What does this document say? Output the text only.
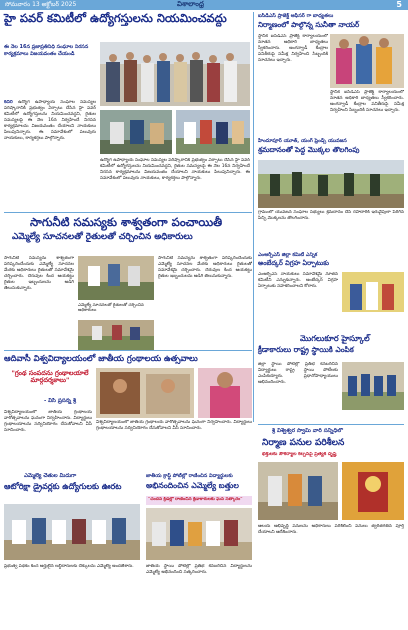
సోమవారం 13 అక్టోబర్ 2025	విశాలాంధ్ర	5
హై పవర్ కమిటీలో ఉద్యోగస్తులను నియమించవద్దు
ఈ నెల 16న ప్రజాప్రతినిధి సంఘాల నిరసన కార్యక్రమాలు విజయవంతం చేయండి
కదిరి ఉద్యోగ ఉపాధ్యాయ సంఘాల సమస్యల పరిష్కారానికి ప్రభుత్వం ఏర్పాటు చేసిన హై పవర్ కమిటీలో ఉద్యోగస్తులను నియమించవద్దని, రైతుల సమస్యలపై ఈ నెల 16న నిర్వహించే నిరసన కార్యక్రమాలను విజయవంతం చేయాలని నాయకులు పిలుపునిచ్చారు. ఈ సమావేశంలో పలువురు నాయకులు, కార్యకర్తలు పాల్గొన్నారు.
ఉద్యోగ ఉపాధ్యాయ సంఘాల సమస్యల పరిష్కారానికి ప్రభుత్వం ఏర్పాటు చేసిన హై పవర్ కమిటీలో ఉద్యోగస్తులను నియమించవద్దని, రైతుల సమస్యలపై ఈ నెల 16న నిర్వహించే నిరసన కార్యక్రమాలను విజయవంతం చేయాలని నాయకులు పిలుపునిచ్చారు. ఈ సమావేశంలో పలువురు నాయకులు, కార్యకర్తలు పాల్గొన్నారు.
ఐసిడిఎస్ ప్రాజెక్ట్ ఆఫీసర్ గా బాధ్యతలు
నిర్మాణంలో పాల్గొన్న సునీతా నాయర్
స్థానిక ఐసిడిఎస్ ప్రాజెక్ట్ కార్యాలయంలో నూతన అధికారి బాధ్యతలు స్వీకరించారు. అంగన్వాడీ కేంద్రాల పనితీరుపై సమీక్ష నిర్వహించి సిబ్బందికి సూచనలు ఇచ్చారు.
స్థానిక ఐసిడిఎస్ ప్రాజెక్ట్ కార్యాలయంలో నూతన అధికారి బాధ్యతలు స్వీకరించారు. అంగన్వాడీ కేంద్రాల పనితీరుపై సమీక్ష నిర్వహించి సిబ్బందికి సూచనలు ఇచ్చారు.
హిందూపూర్ యూత్, యంగ్ ఫ్రెండ్స్ యువజన
శ్రమదానంతో పెద్ద మొక్కల తొలగింపు
గ్రామంలో యువజన సంఘాల సభ్యులు శ్రమదానం చేసి రహదారికి ఇరువైపులా పెరిగిన పిచ్చి మొక్కలను తొలగించారు.
సాగునీటి సమస్యకు శాశ్వతంగా పంచాయితీ
ఎమ్మెల్యే సూచనలతో రైతులతో చర్చించిన అధికారులు
సాగునీటి సమస్యను శాశ్వతంగా పరిష్కరించేందుకు ఎమ్మెల్యే సూచనల మేరకు అధికారులు రైతులతో సమావేశమై చర్చించారు. చెరువుల కింద ఆయకట్టు రైతుల ఇబ్బందులను అడిగి తెలుసుకున్నారు.
సాగునీటి సమస్యను శాశ్వతంగా పరిష్కరించేందుకు ఎమ్మెల్యే సూచనల మేరకు అధికారులు రైతులతో సమావేశమై చర్చించారు. చెరువుల కింద ఆయకట్టు రైతుల ఇబ్బందులను అడిగి తెలుసుకున్నారు.
ఎమ్మెల్యే సూచనలతో రైతులతో చర్చించిన అధికారులు
ఎంఆర్పీఎస్ జిల్లా కమిటీ ఎన్నిక
అంబేద్కర్ విగ్రహ ఏర్పాటుకు
ఎంఆర్పీఎస్ నాయకులు సమావేశమై నూతన కమిటీని ఎన్నుకున్నారు. అంబేద్కర్ విగ్రహ ఏర్పాటుకు సహకరించాలని కోరారు.
మొగలుకూర హైస్కూల్
క్రీడాకారులు రాష్ట్ర స్థాయికి ఎంపిక
జిల్లా స్థాయి పోటీల్లో ప్రతిభ కనబరిచిన విద్యార్థులు రాష్ట్ర స్థాయి పోటీలకు ఎంపికయ్యారు. ప్రధానోపాధ్యాయులు అభినందించారు.
ఆదివాసీ విశ్వవిద్యాలయంలో జాతీయ గ్రంథాలయ ఉత్సవాలు
"గ్రంథ సంపదను గ్రంథాలయాలే మార్గదర్శకాలు"
- వీసీ ప్రసన్న శ్రీ
విశ్వవిద్యాలయంలో జాతీయ గ్రంథాలయ వారోత్సవాలను ఘనంగా నిర్వహించారు. విద్యార్థులు గ్రంథాలయాలను సద్వినియోగం చేసుకోవాలని వీసీ సూచించారు.
విశ్వవిద్యాలయంలో జాతీయ గ్రంథాలయ వారోత్సవాలను ఘనంగా నిర్వహించారు. విద్యార్థులు గ్రంథాలయాలను సద్వినియోగం చేసుకోవాలని వీసీ సూచించారు.
ఎమ్మెల్యే చేతుల మీదుగా
ఆటోరిక్షా డ్రైవర్లకు ఉద్యోగులకు ఊరట
ప్రభుత్వ పథకం కింద అర్హులైన లబ్ధిదారులకు చెక్కులను ఎమ్మెల్యే అందజేశారు.
జాతీయ క్రాఫ్ట్ పోటీల్లో రాణించిన విద్యార్థులకు
అభినందించిన ఎమ్మెల్యే బత్తుల
"చందన క్రీడల్లో రాణించిన క్రీడాకారులకు ఘన సత్కారం"
జాతీయ స్థాయి పోటీల్లో ప్రతిభ కనబరిచిన విద్యార్థులను ఎమ్మెల్యే అభినందించి సత్కరించారు.
శ్రీ విశ్వేశ్వర స్వామి వారి సన్నిధిలో
నిర్మాణ పనుల పరిశీలన
భక్తులకు సౌకర్యాల కల్పనపై ప్రత్యేక దృష్టి
ఆలయ అభివృద్ధి పనులను అధికారులు పరిశీలించి పనులు త్వరితగతిన పూర్తి చేయాలని ఆదేశించారు.
